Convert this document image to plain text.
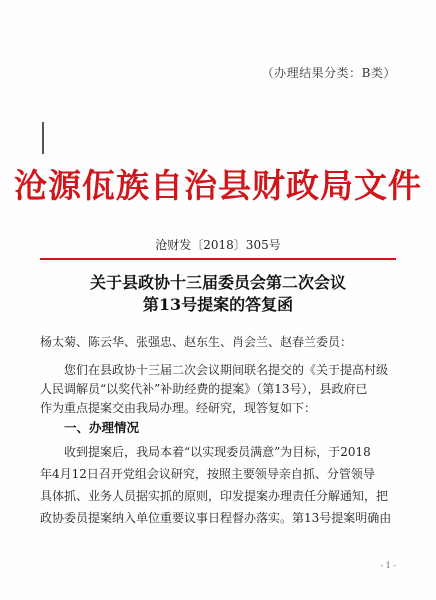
（办理结果分类：B类）
沧源佤族自治县财政局文件
沧财发〔2018〕305号
关于县政协十三届委员会第二次会议
第13号提案的答复函
杨太菊、陈云华、张强忠、赵东生、肖会兰、赵春兰委员：
您们在县政协十三届二次会议期间联名提交的《关于提高村级
人民调解员“以奖代补”补助经费的提案》（第13号），县政府已
作为重点提案交由我局办理。经研究，现答复如下：
一、办理情况
收到提案后，我局本着“以实现委员满意”为目标，于2018
年4月12日召开党组会议研究，按照主要领导亲自抓、分管领导
具体抓、业务人员据实抓的原则，印发提案办理责任分解通知，把
政协委员提案纳入单位重要议事日程督办落实。第13号提案明确由
- 1 -
